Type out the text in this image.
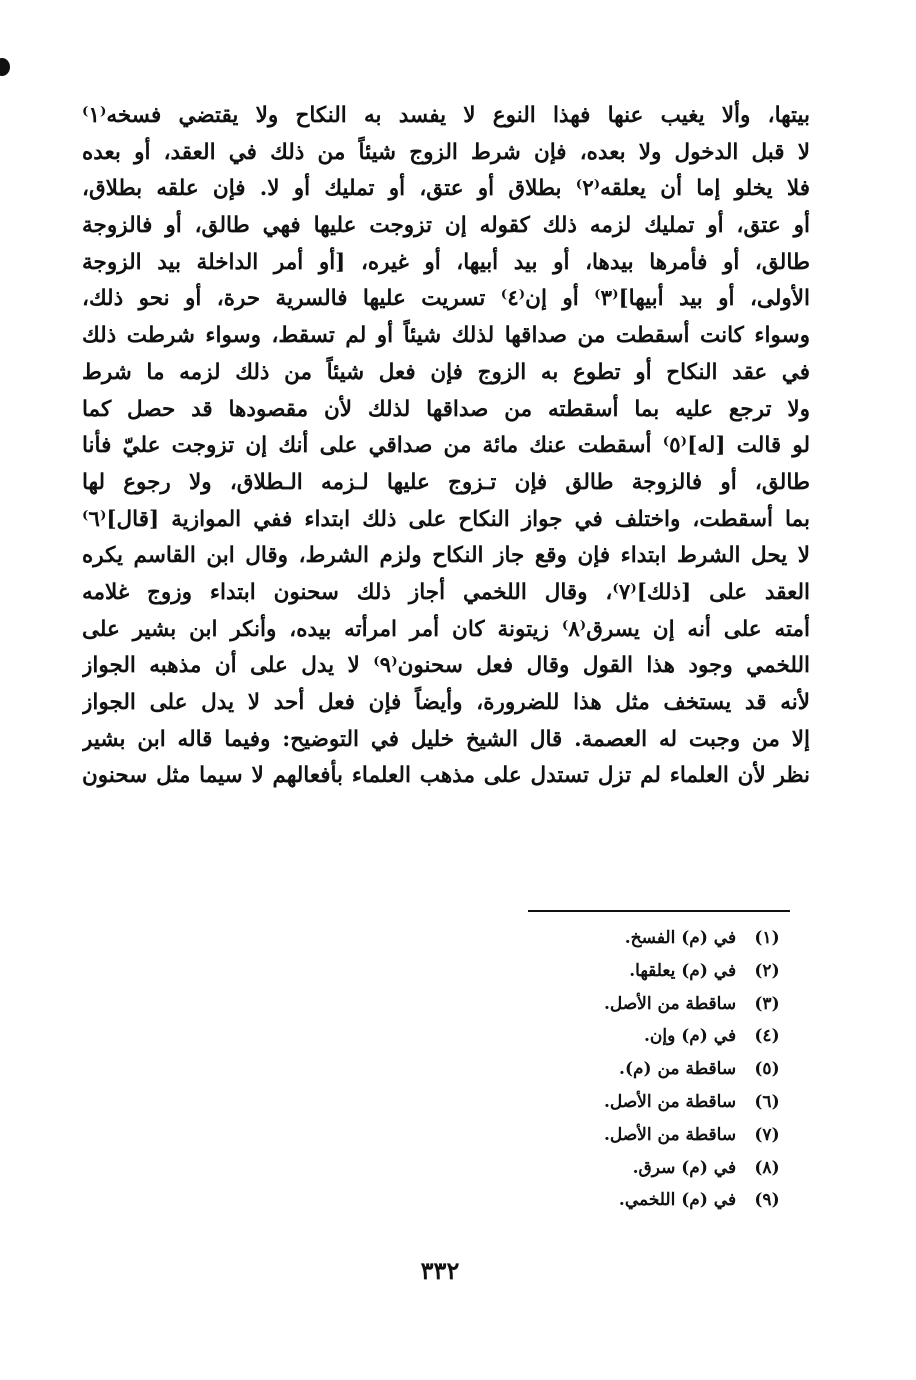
بيتها، وألا يغيب عنها فهذا النوع لا يفسد به النكاح ولا يقتضي فسخه⁽١⁾
لا قبل الدخول ولا بعده، فإن شرط الزوج شيئاً من ذلك في العقد، أو بعده
فلا يخلو إما أن يعلقه⁽٢⁾ بطلاق أو عتق، أو تمليك أو لا. فإن علقه بطلاق،
أو عتق، أو تمليك لزمه ذلك كقوله إن تزوجت عليها فهي طالق، أو فالزوجة
طالق، أو فأمرها بيدها، أو بيد أبيها، أو غيره، [أو أمر الداخلة بيد الزوجة
الأولى، أو بيد أبيها]⁽٣⁾ أو إن⁽٤⁾ تسريت عليها فالسرية حرة، أو نحو ذلك،
وسواء كانت أسقطت من صداقها لذلك شيئاً أو لم تسقط، وسواء شرطت ذلك
في عقد النكاح أو تطوع به الزوج فإن فعل شيئاً من ذلك لزمه ما شرط
ولا ترجع عليه بما أسقطته من صداقها لذلك لأن مقصودها قد حصل كما
لو قالت [له]⁽٥⁾ أسقطت عنك مائة من صداقي على أنك إن تزوجت عليّ فأنا
طالق، أو فالزوجة طالق فإن تـزوج عليها لـزمه الـطلاق، ولا رجوع لها
بما أسقطت، واختلف في جواز النكاح على ذلك ابتداء ففي الموازية [قال]⁽٦⁾
لا يحل الشرط ابتداء فإن وقع جاز النكاح ولزم الشرط، وقال ابن القاسم يكره
العقد على [ذلك]⁽٧⁾، وقال اللخمي أجاز ذلك سحنون ابتداء وزوج غلامه
أمته على أنه إن يسرق⁽٨⁾ زيتونة كان أمر امرأته بيده، وأنكر ابن بشير على
اللخمي وجود هذا القول وقال فعل سحنون⁽٩⁾ لا يدل على أن مذهبه الجواز
لأنه قد يستخف مثل هذا للضرورة، وأيضاً فإن فعل أحد لا يدل على الجواز
إلا من وجبت له العصمة. قال الشيخ خليل في التوضيح: وفيما قاله ابن بشير
نظر لأن العلماء لم تزل تستدل على مذهب العلماء بأفعالهم لا سيما مثل سحنون
(١) في (م) الفسخ.
(٢) في (م) يعلقها.
(٣) ساقطة من الأصل.
(٤) في (م) وإن.
(٥) ساقطة من (م).
(٦) ساقطة من الأصل.
(٧) ساقطة من الأصل.
(٨) في (م) سرق.
(٩) في (م) اللخمي.
٣٣٢
